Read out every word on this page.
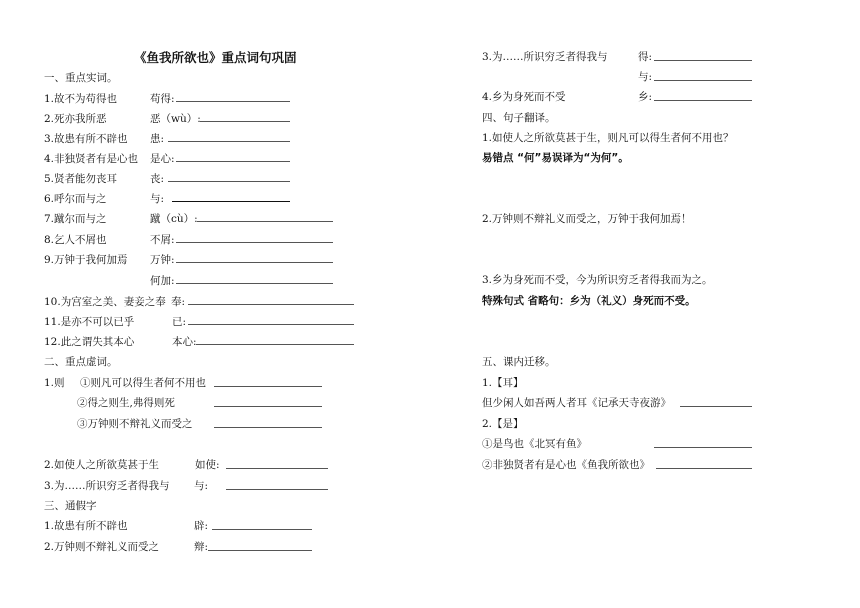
《鱼我所欲也》重点词句巩固
一、重点实词。
1.故不为苟得也	苟得:
2.死亦我所恶	恶（wù）:
3.故患有所不辟也 患:
4.非独贤者有是心也 是心:
5.贤者能勿丧耳	丧:
6.呼尔而与之	与:
7.蹴尔而与之	蹴（cù）:
8.乞人不屑也	不屑:
9.万钟于我何加焉 万钟:
何加:
10.为宫室之美、妻妾之奉 奉:
11.是亦不可以已乎	已:
12.此之谓失其本心	本心:
二、重点虚词。
1.则 ①则凡可以得生者何不用也
②得之则生,弗得则死
③万钟则不辩礼义而受之
2.如使人之所欲莫甚于生	如使:
3.为……所识穷乏者得我与 与:
三、通假字
1.故患有所不辟也	辟:
2.万钟则不辩礼义而受之	辩:
3.为……所识穷乏者得我与	得:
与:
4.乡为身死而不受	乡:
四、句子翻译。
1.如使人之所欲莫甚于生，则凡可以得生者何不用也？
易错点 “何”易误译为“为何”。
2.万钟则不辩礼义而受之，万钟于我何加焉！
3.乡为身死而不受，今为所识穷乏者得我而为之。
特殊句式 省略句：乡为（礼义）身死而不受。
五、课内迁移。
1.【耳】
但少闲人如吾两人者耳《记承天寺夜游》
2.【是】
①是鸟也《北冥有鱼》
②非独贤者有是心也《鱼我所欲也》
